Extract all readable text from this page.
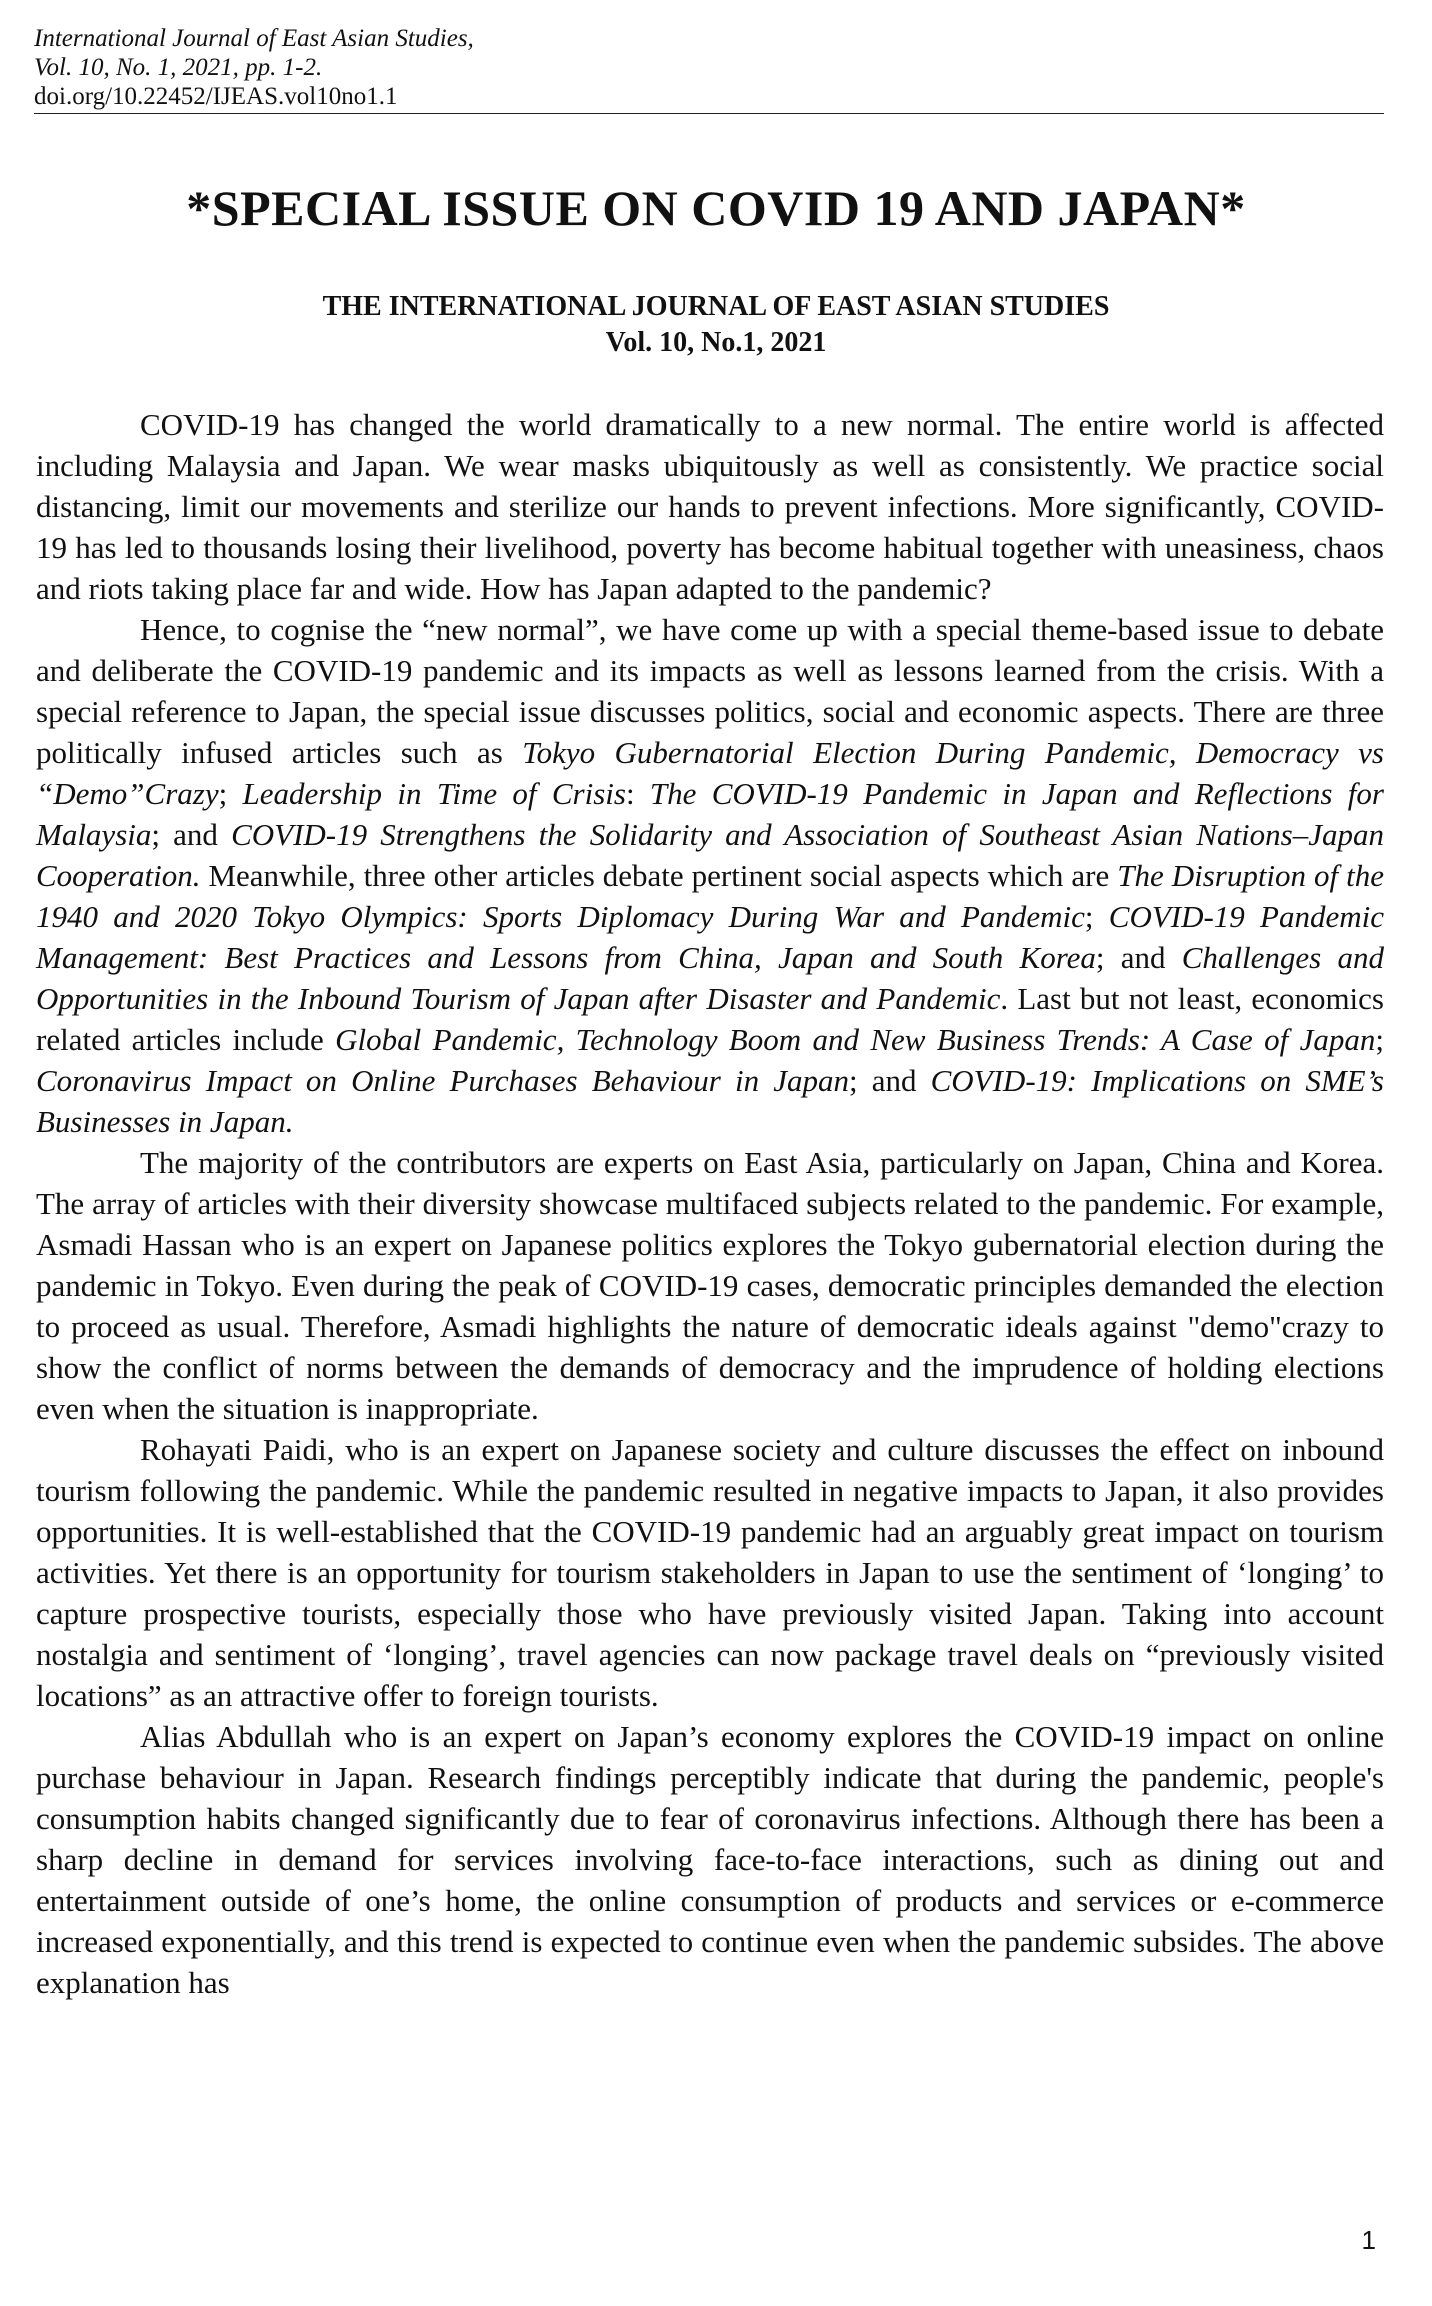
International Journal of East Asian Studies,
Vol. 10, No. 1, 2021, pp. 1-2.
doi.org/10.22452/IJEAS.vol10no1.1
*SPECIAL ISSUE ON COVID 19 AND JAPAN*
THE INTERNATIONAL JOURNAL OF EAST ASIAN STUDIES
Vol. 10, No.1, 2021

COVID-19 has changed the world dramatically to a new normal. The entire world is affected including Malaysia and Japan. We wear masks ubiquitously as well as consistently. We practice social distancing, limit our movements and sterilize our hands to prevent infections. More significantly, COVID-19 has led to thousands losing their livelihood, poverty has become habitual together with uneasiness, chaos and riots taking place far and wide. How has Japan adapted to the pandemic?

Hence, to cognise the “new normal”, we have come up with a special theme-based issue to debate and deliberate the COVID-19 pandemic and its impacts as well as lessons learned from the crisis. With a special reference to Japan, the special issue discusses politics, social and economic aspects. There are three politically infused articles such as Tokyo Gubernatorial Election During Pandemic, Democracy vs “Demo”Crazy; Leadership in Time of Crisis: The COVID-19 Pandemic in Japan and Reflections for Malaysia; and COVID-19 Strengthens the Solidarity and Association of Southeast Asian Nations–Japan Cooperation. Meanwhile, three other articles debate pertinent social aspects which are The Disruption of the 1940 and 2020 Tokyo Olympics: Sports Diplomacy During War and Pandemic; COVID-19 Pandemic Management: Best Practices and Lessons from China, Japan and South Korea; and Challenges and Opportunities in the Inbound Tourism of Japan after Disaster and Pandemic. Last but not least, economics related articles include Global Pandemic, Technology Boom and New Business Trends: A Case of Japan; Coronavirus Impact on Online Purchases Behaviour in Japan; and COVID-19: Implications on SME’s Businesses in Japan.

The majority of the contributors are experts on East Asia, particularly on Japan, China and Korea. The array of articles with their diversity showcase multifaced subjects related to the pandemic. For example, Asmadi Hassan who is an expert on Japanese politics explores the Tokyo gubernatorial election during the pandemic in Tokyo. Even during the peak of COVID-19 cases, democratic principles demanded the election to proceed as usual. Therefore, Asmadi highlights the nature of democratic ideals against "demo"crazy to show the conflict of norms between the demands of democracy and the imprudence of holding elections even when the situation is inappropriate.

Rohayati Paidi, who is an expert on Japanese society and culture discusses the effect on inbound tourism following the pandemic. While the pandemic resulted in negative impacts to Japan, it also provides opportunities. It is well-established that the COVID-19 pandemic had an arguably great impact on tourism activities. Yet there is an opportunity for tourism stakeholders in Japan to use the sentiment of ‘longing’ to capture prospective tourists, especially those who have previously visited Japan. Taking into account nostalgia and sentiment of ‘longing’, travel agencies can now package travel deals on “previously visited locations” as an attractive offer to foreign tourists.

Alias Abdullah who is an expert on Japan’s economy explores the COVID-19 impact on online purchase behaviour in Japan. Research findings perceptibly indicate that during the pandemic, people's consumption habits changed significantly due to fear of coronavirus infections. Although there has been a sharp decline in demand for services involving face-to-face interactions, such as dining out and entertainment outside of one’s home, the online consumption of products and services or e-commerce increased exponentially, and this trend is expected to continue even when the pandemic subsides. The above explanation has

1
